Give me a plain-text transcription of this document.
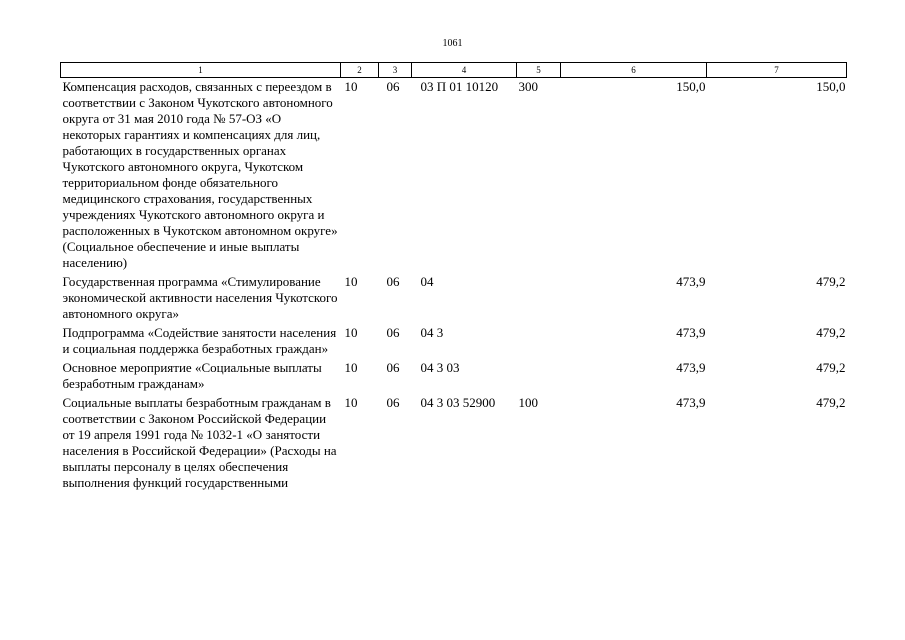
1061
1	2	3	4	5	6	7
Компенсация расходов, связанных с переездом в соответствии с Законом Чукотского автономного округа от 31 мая 2010 года № 57-ОЗ «О некоторых гарантиях и компенсациях для лиц, работающих в государственных органах Чукотского автономного округа, Чукотском территориальном фонде обязательного медицинского страхования, государственных учреждениях Чукотского автономного округа и расположенных в Чукотском автономном округе» (Социальное обеспечение и иные выплаты населению)	10	06	03 П 01 10120	300	150,0	150,0
Государственная программа «Стимулирование экономической активности населения Чукотского автономного округа»	10	06	04		473,9	479,2
Подпрограмма «Содействие занятости населения и социальная поддержка безработных граждан»	10	06	04 3		473,9	479,2
Основное мероприятие «Социальные выплаты безработным гражданам»	10	06	04 3 03		473,9	479,2
Социальные выплаты безработным гражданам в соответствии с Законом Российской Федерации от 19 апреля 1991 года № 1032-1 «О занятости населения в Российской Федерации» (Расходы на выплаты персоналу в целях обеспечения выполнения функций государственными	10	06	04 3 03 52900	100	473,9	479,2
